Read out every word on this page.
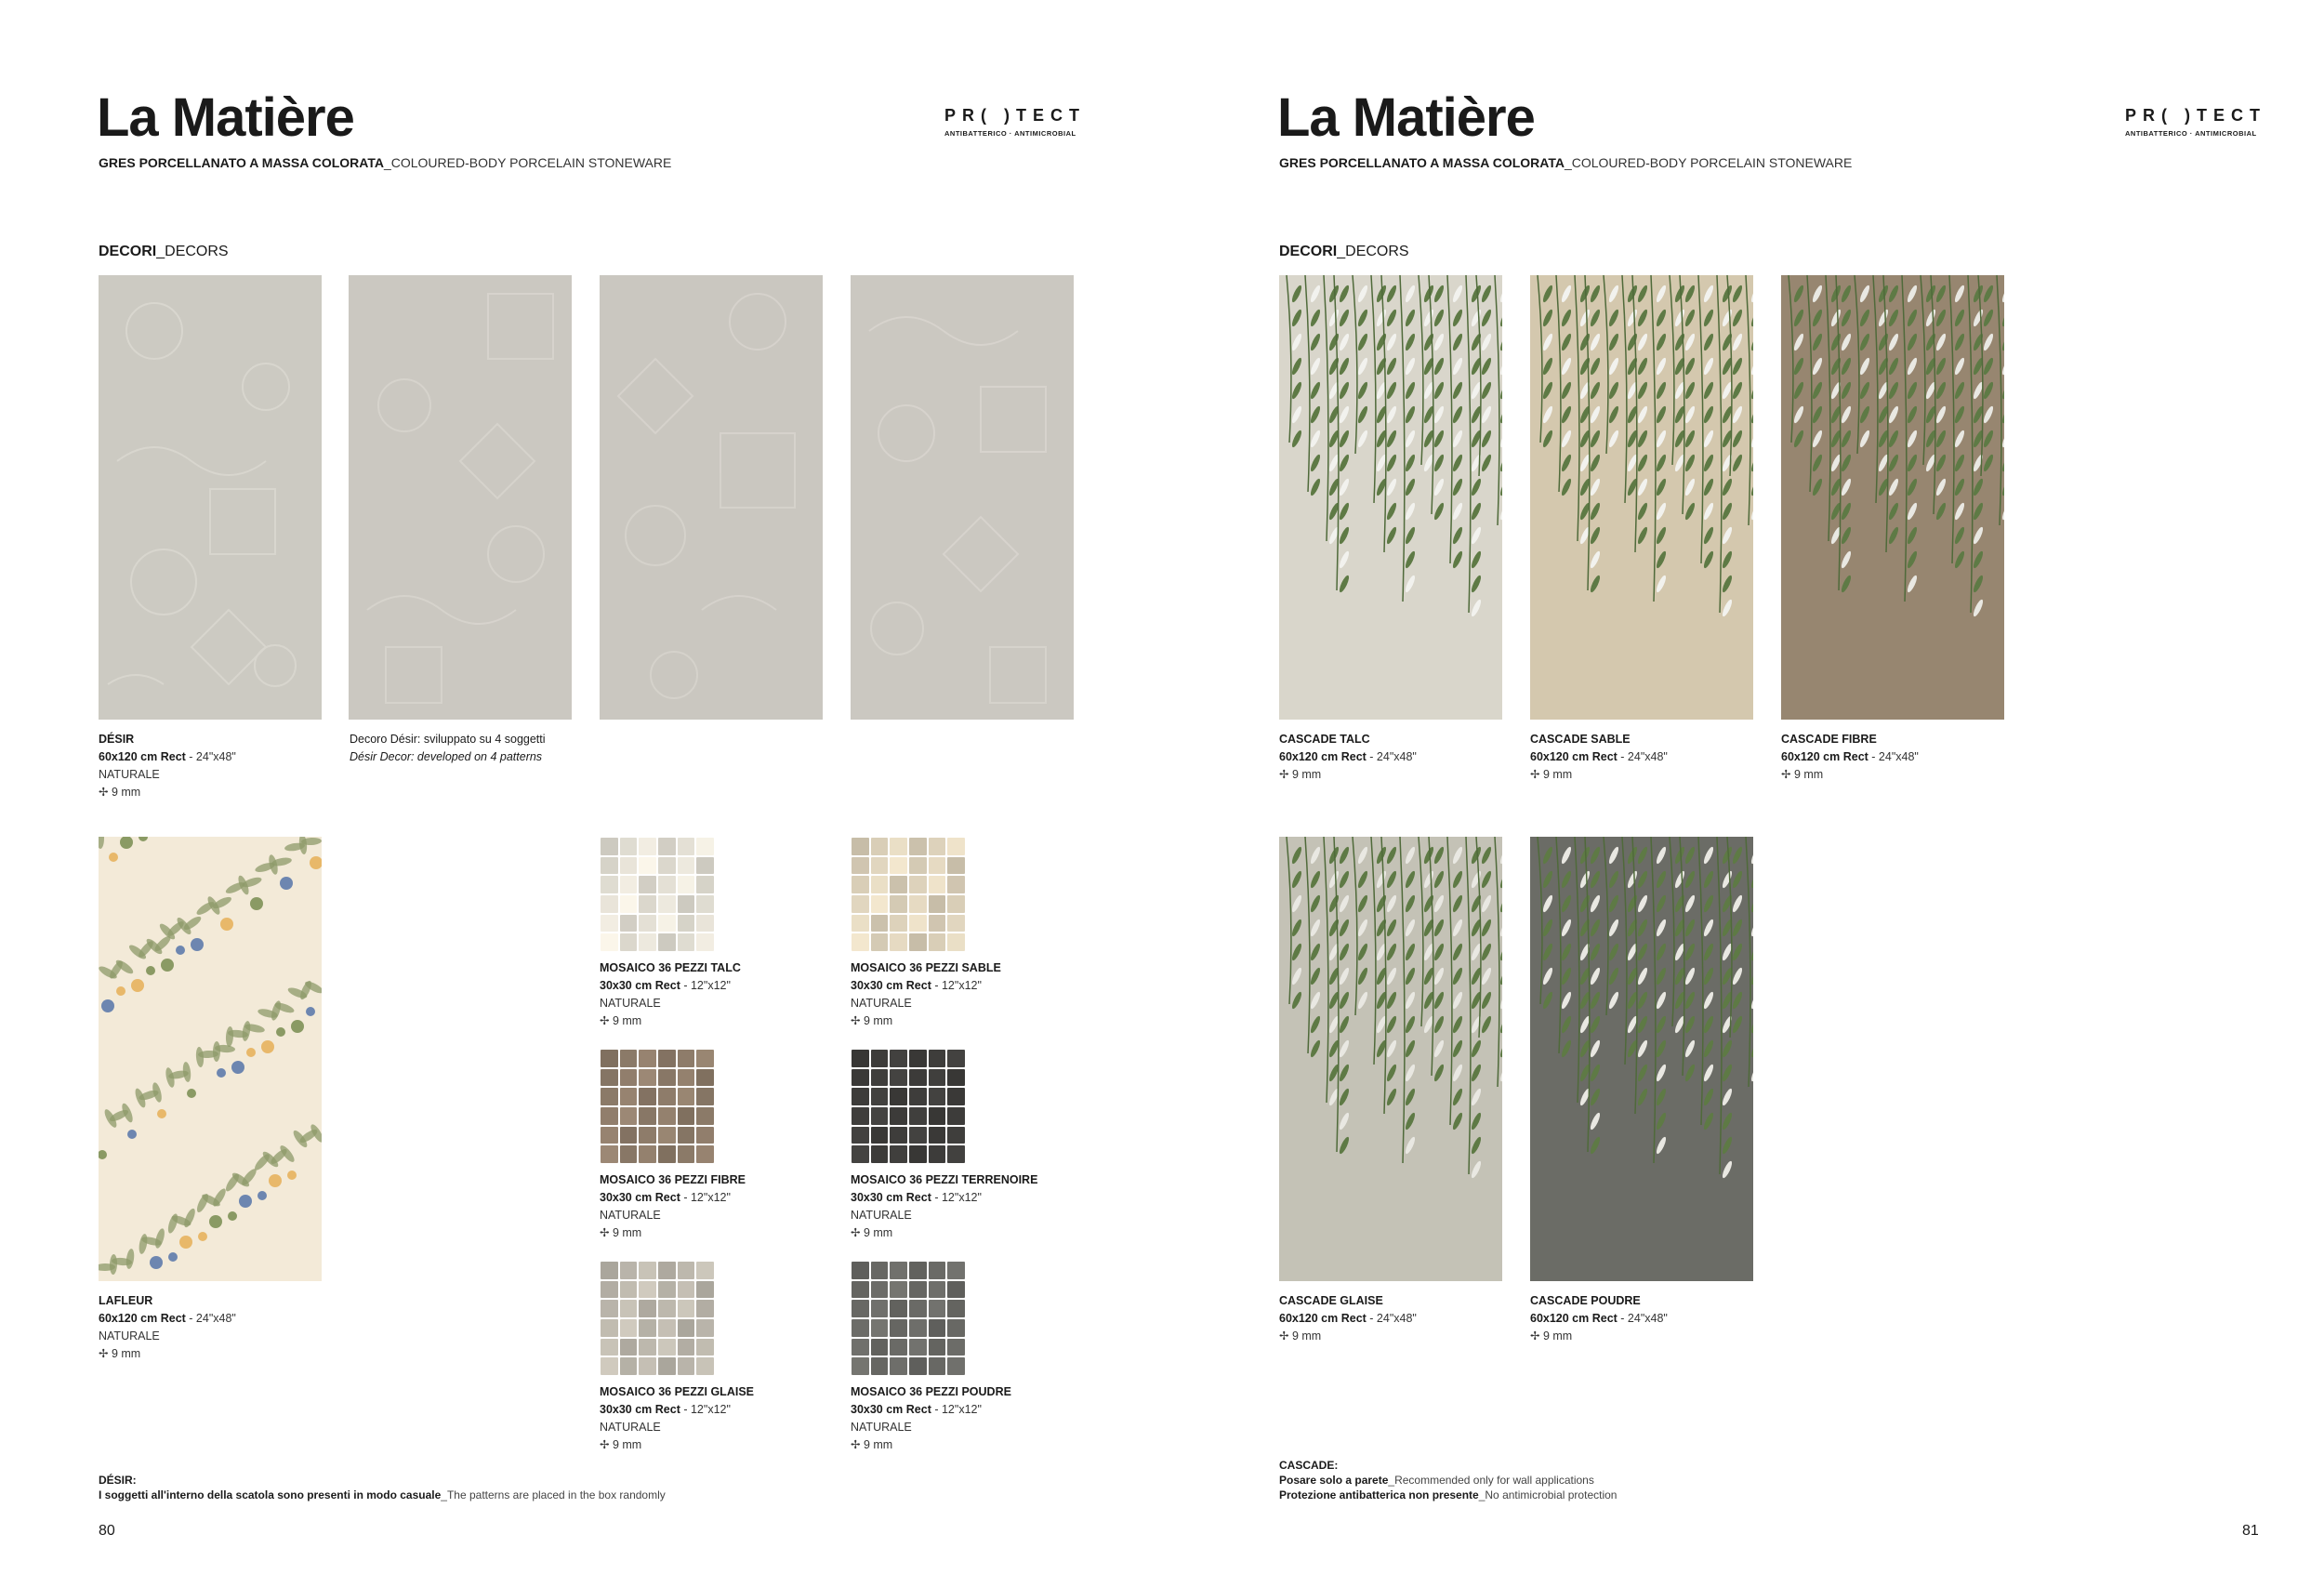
La Matière
GRES PORCELLANATO A MASSA COLORATA_COLOURED-BODY PORCELAIN STONEWARE
PR( )TECT
ANTIBATTERICO · ANTIMICROBIAL
DECORI_DECORS
DÉSIR
60x120 cm Rect - 24"x48"
NATURALE
✢ 9 mm
Decoro Désir: sviluppato su 4 soggetti
Désir Decor: developed on 4 patterns
LAFLEUR
60x120 cm Rect - 24"x48"
NATURALE
✢ 9 mm
MOSAICO 36 PEZZI TALC
30x30 cm Rect - 12"x12"
NATURALE
✢ 9 mm
MOSAICO 36 PEZZI SABLE
30x30 cm Rect - 12"x12"
NATURALE
✢ 9 mm
MOSAICO 36 PEZZI FIBRE
30x30 cm Rect - 12"x12"
NATURALE
✢ 9 mm
MOSAICO 36 PEZZI TERRENOIRE
30x30 cm Rect - 12"x12"
NATURALE
✢ 9 mm
MOSAICO 36 PEZZI GLAISE
30x30 cm Rect - 12"x12"
NATURALE
✢ 9 mm
MOSAICO 36 PEZZI POUDRE
30x30 cm Rect - 12"x12"
NATURALE
✢ 9 mm
DÉSIR:
I soggetti all'interno della scatola sono presenti in modo casuale_The patterns are placed in the box randomly
80
La Matière
GRES PORCELLANATO A MASSA COLORATA_COLOURED-BODY PORCELAIN STONEWARE
PR( )TECT
ANTIBATTERICO · ANTIMICROBIAL
DECORI_DECORS
CASCADE TALC
60x120 cm Rect - 24"x48"
✢ 9 mm
CASCADE SABLE
60x120 cm Rect - 24"x48"
✢ 9 mm
CASCADE FIBRE
60x120 cm Rect - 24"x48"
✢ 9 mm
CASCADE GLAISE
60x120 cm Rect - 24"x48"
✢ 9 mm
CASCADE POUDRE
60x120 cm Rect - 24"x48"
✢ 9 mm
CASCADE:
Posare solo a parete_Recommended only for wall applications
Protezione antibatterica non presente_No antimicrobial protection
81
